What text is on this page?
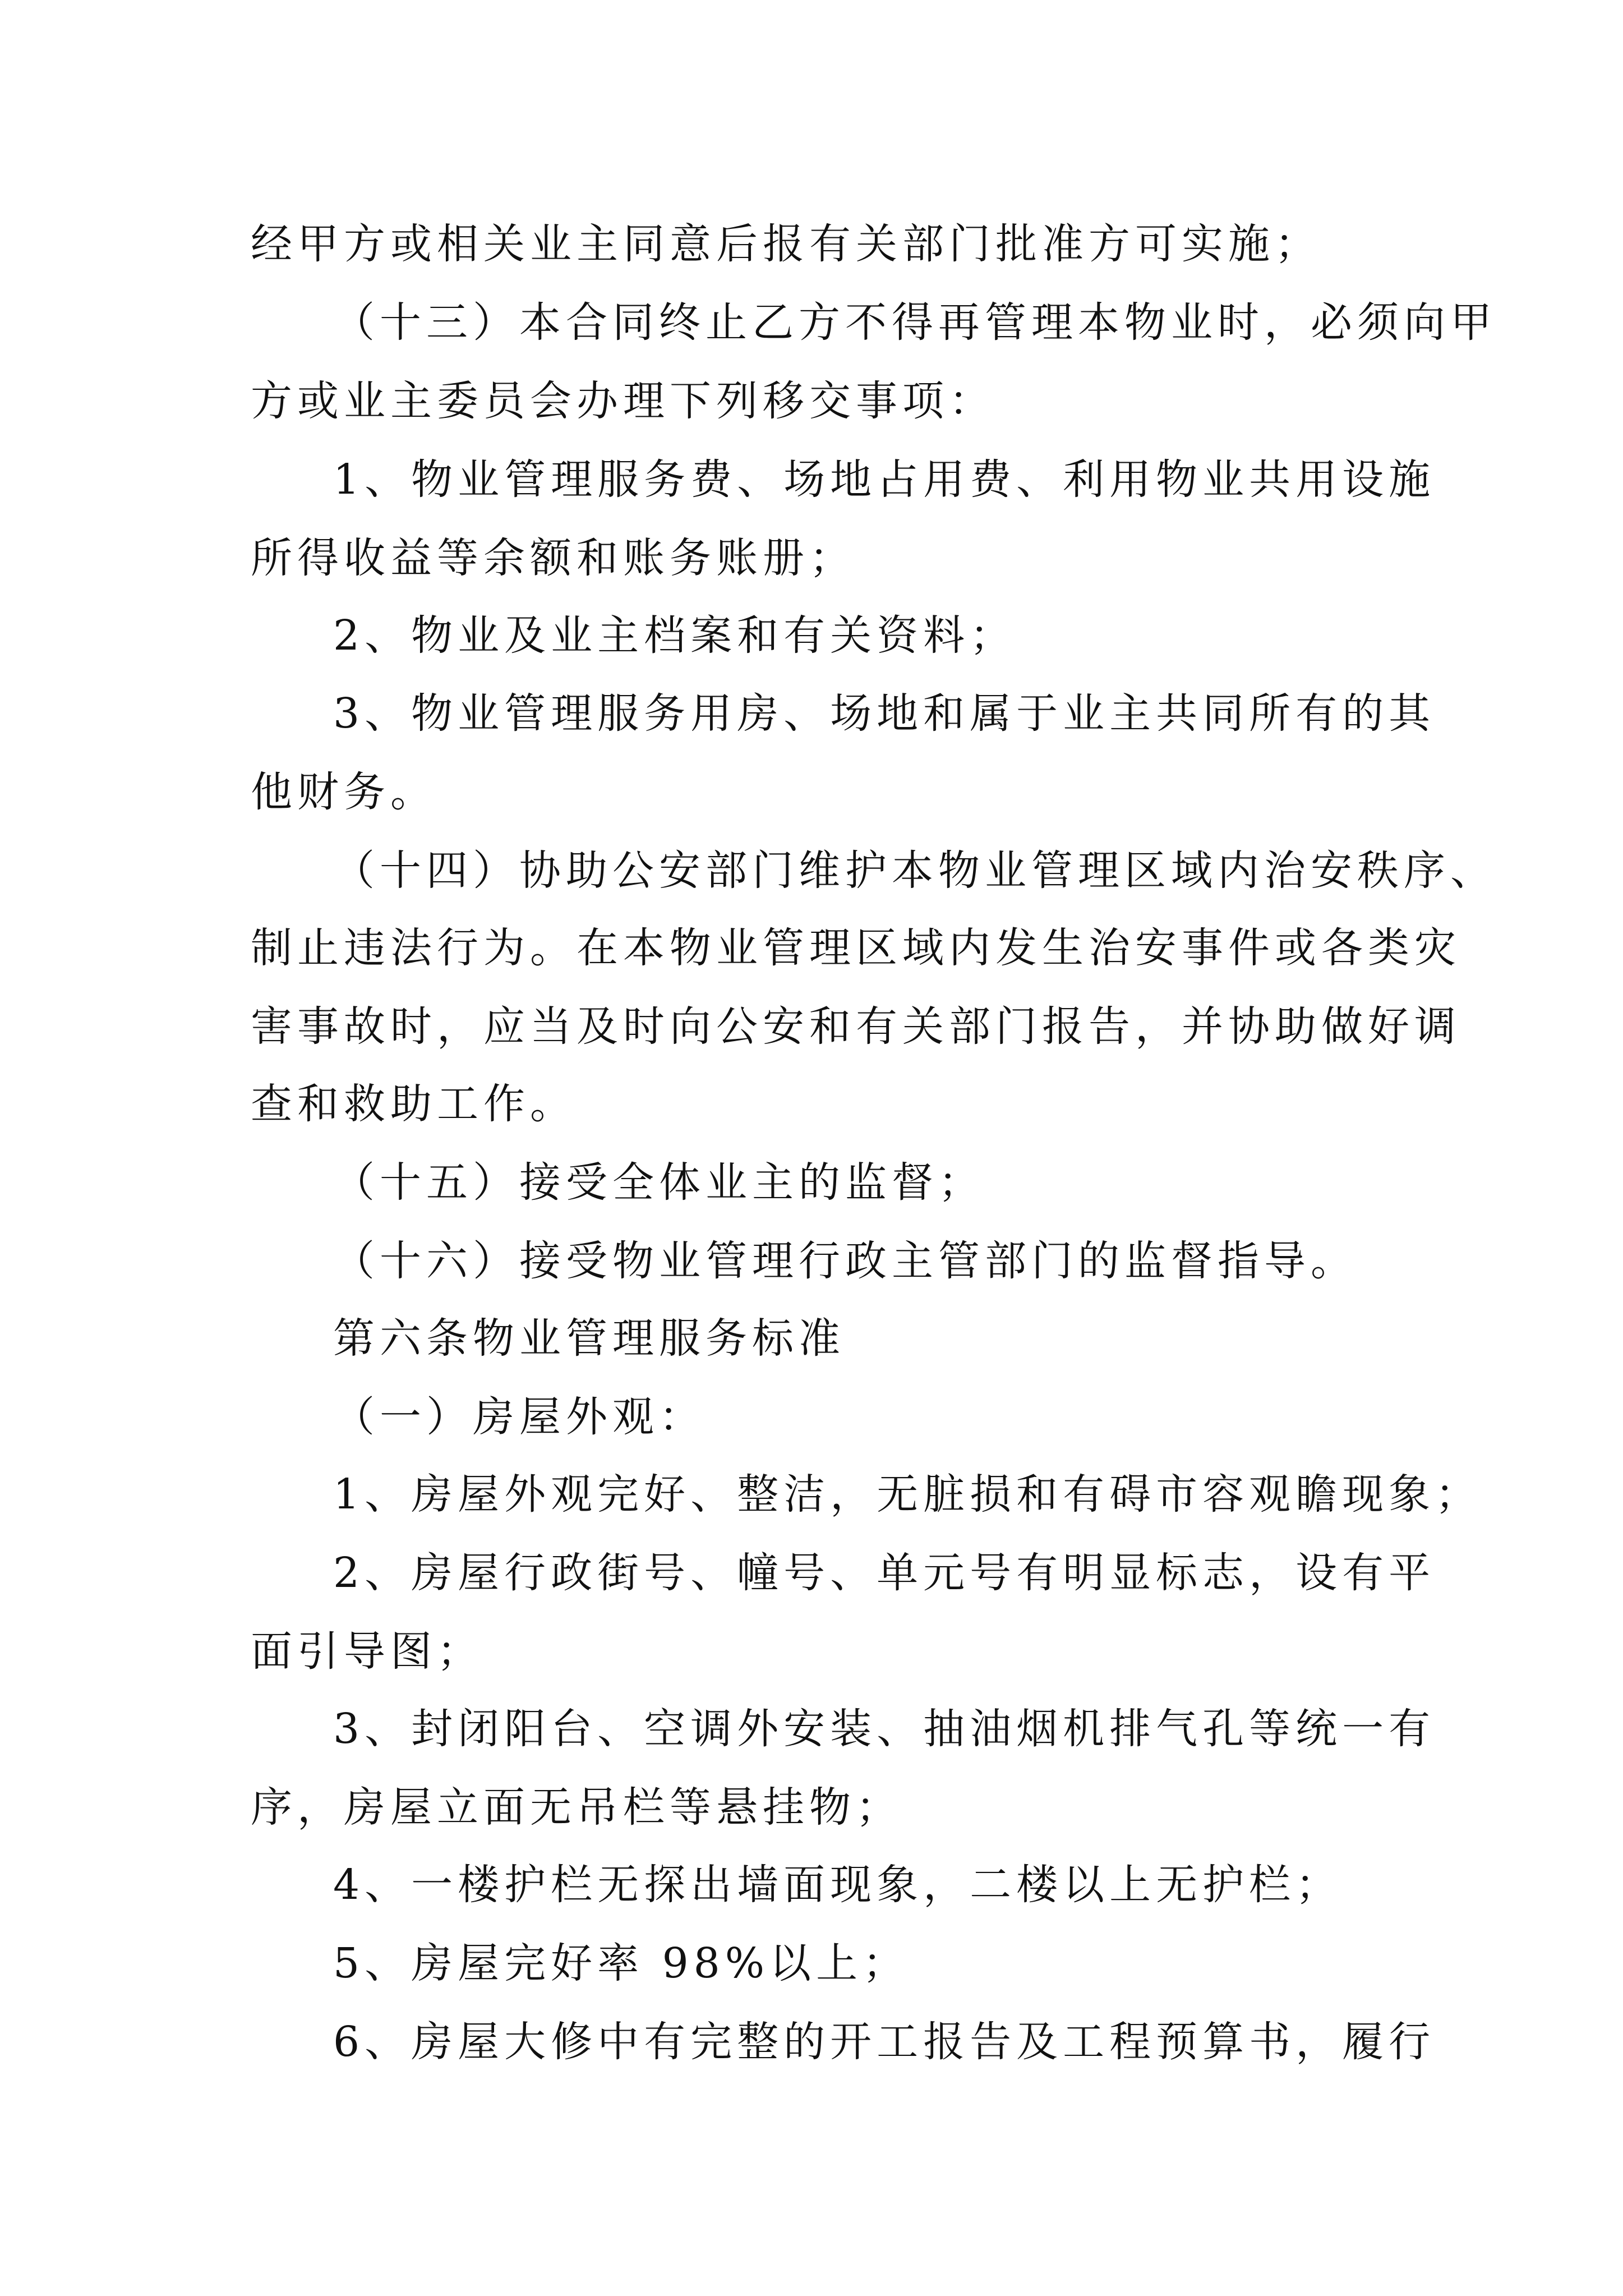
经甲方或相关业主同意后报有关部门批准方可实施；
（十三）本合同终止乙方不得再管理本物业时，必须向甲
方或业主委员会办理下列移交事项：
1、物业管理服务费、场地占用费、利用物业共用设施
所得收益等余额和账务账册；
2、物业及业主档案和有关资料；
3、物业管理服务用房、场地和属于业主共同所有的其
他财务。
（十四）协助公安部门维护本物业管理区域内治安秩序、
制止违法行为。在本物业管理区域内发生治安事件或各类灾
害事故时，应当及时向公安和有关部门报告，并协助做好调
查和救助工作。
（十五）接受全体业主的监督；
（十六）接受物业管理行政主管部门的监督指导。
第六条物业管理服务标准
（一）房屋外观：
1、房屋外观完好、整洁，无脏损和有碍市容观瞻现象；
2、房屋行政街号、幢号、单元号有明显标志，设有平
面引导图；
3、封闭阳台、空调外安装、抽油烟机排气孔等统一有
序，房屋立面无吊栏等悬挂物；
4、一楼护栏无探出墙面现象，二楼以上无护栏；
5、房屋完好率 98%以上；
6、房屋大修中有完整的开工报告及工程预算书，履行
